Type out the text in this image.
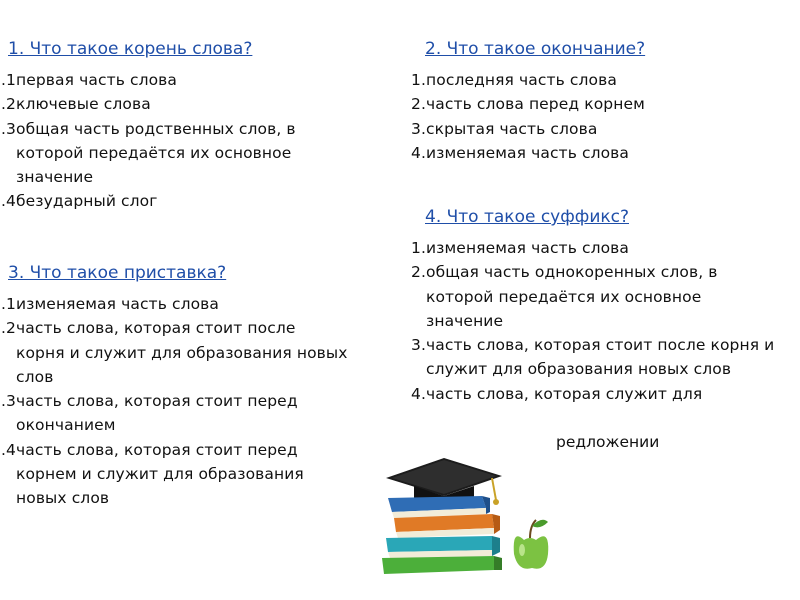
1. Что такое корень слова?
1. первая часть слова
2. ключевые слова
3. общая часть родственных слов, в которой передаётся их основное значение
4. безударный слог
2. Что такое окончание?
1. последняя часть слова
2. часть слова перед корнем
3. скрытая часть слова
4. изменяемая часть слова
3. Что такое приставка?
1. изменяемая часть слова
2. часть слова, которая стоит после корня и служит для образования новых слов
3. часть слова, которая стоит перед окончанием
4. часть слова, которая стоит перед корнем и служит для образования новых слов
4. Что такое суффикс?
1. изменяемая часть слова
2. общая часть однокоренных слов, в которой передаётся их основное значение
3. часть слова, которая стоит после корня и служит для образования новых слов
4. часть слова, которая служит для
редложении
